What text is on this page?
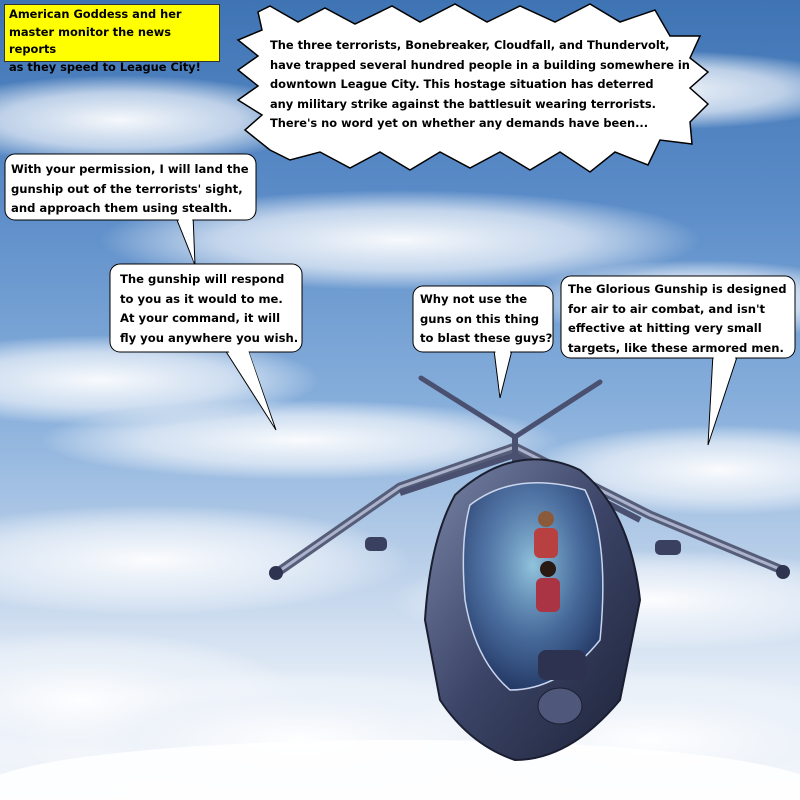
American Goddess and her
master monitor the news reports
as they speed to League City!
The three terrorists, Bonebreaker, Cloudfall, and Thundervolt,
have trapped several hundred people in a building somewhere in
downtown League City. This hostage situation has deterred
any military strike against the battlesuit wearing terrorists.
There's no word yet on whether any demands have been...
With your permission, I will land the
gunship out of the terrorists' sight,
and approach them using stealth.
The gunship will respond
to you as it would to me.
At your command, it will
fly you anywhere you wish.
Why not use the
guns on this thing
to blast these guys?
The Glorious Gunship is designed
for air to air combat, and isn't
effective at hitting very small
targets, like these armored men.
